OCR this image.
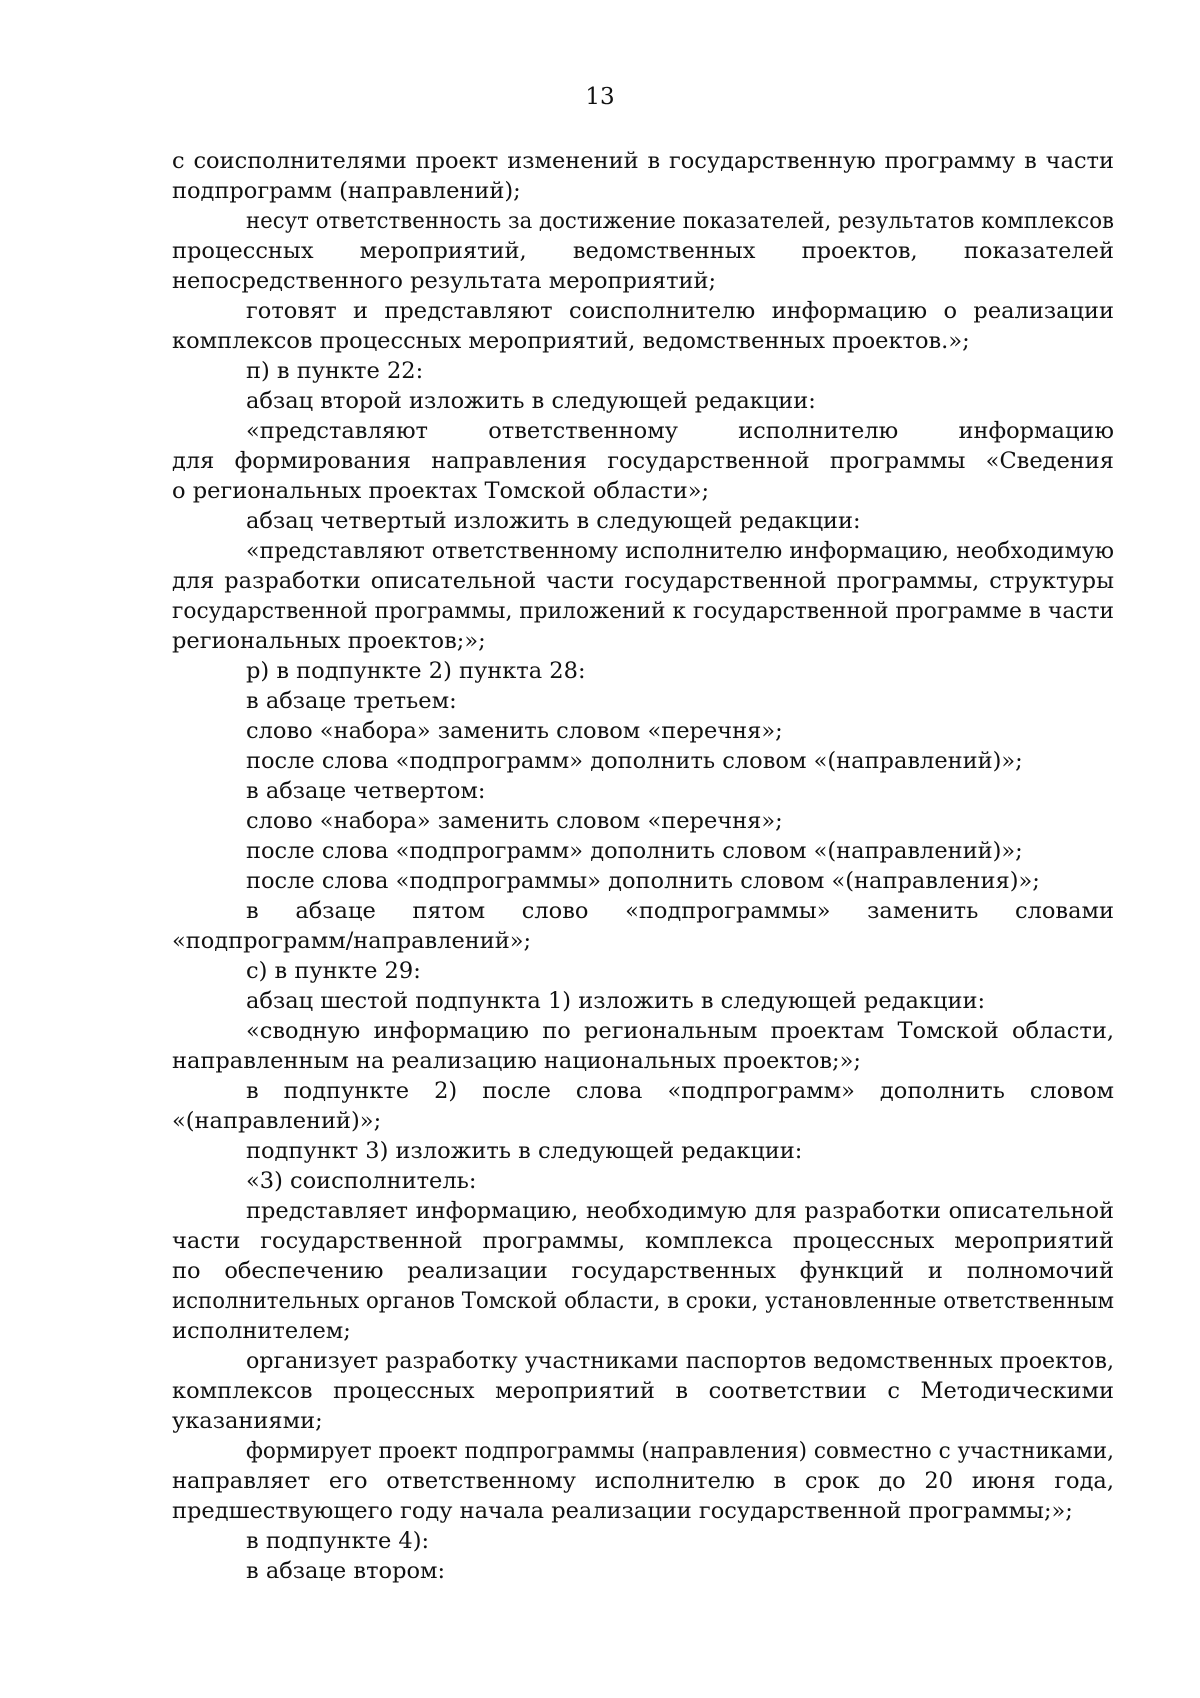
13
с соисполнителями проект изменений в государственную программу в части
подпрограмм (направлений);
несут ответственность за достижение показателей, результатов комплексов
процессных мероприятий, ведомственных проектов, показателей
непосредственного результата мероприятий;
готовят и представляют соисполнителю информацию о реализации
комплексов процессных мероприятий, ведомственных проектов.»;
п) в пункте 22:
абзац второй изложить в следующей редакции:
«представляют ответственному исполнителю информацию
для формирования направления государственной программы «Сведения
о региональных проектах Томской области»;
абзац четвертый изложить в следующей редакции:
«представляют ответственному исполнителю информацию, необходимую
для разработки описательной части государственной программы, структуры
государственной программы, приложений к государственной программе в части
региональных проектов;»;
р) в подпункте 2) пункта 28:
в абзаце третьем:
слово «набора» заменить словом «перечня»;
после слова «подпрограмм» дополнить словом «(направлений)»;
в абзаце четвертом:
слово «набора» заменить словом «перечня»;
после слова «подпрограмм» дополнить словом «(направлений)»;
после слова «подпрограммы» дополнить словом «(направления)»;
в абзаце пятом слово «подпрограммы» заменить словами
«подпрограмм/направлений»;
с) в пункте 29:
абзац шестой подпункта 1) изложить в следующей редакции:
«сводную информацию по региональным проектам Томской области,
направленным на реализацию национальных проектов;»;
в подпункте 2) после слова «подпрограмм» дополнить словом
«(направлений)»;
подпункт 3) изложить в следующей редакции:
«3) соисполнитель:
представляет информацию, необходимую для разработки описательной
части государственной программы, комплекса процессных мероприятий
по обеспечению реализации государственных функций и полномочий
исполнительных органов Томской области, в сроки, установленные ответственным
исполнителем;
организует разработку участниками паспортов ведомственных проектов,
комплексов процессных мероприятий в соответствии с Методическими
указаниями;
формирует проект подпрограммы (направления) совместно с участниками,
направляет его ответственному исполнителю в срок до 20 июня года,
предшествующего году начала реализации государственной программы;»;
в подпункте 4):
в абзаце втором:
